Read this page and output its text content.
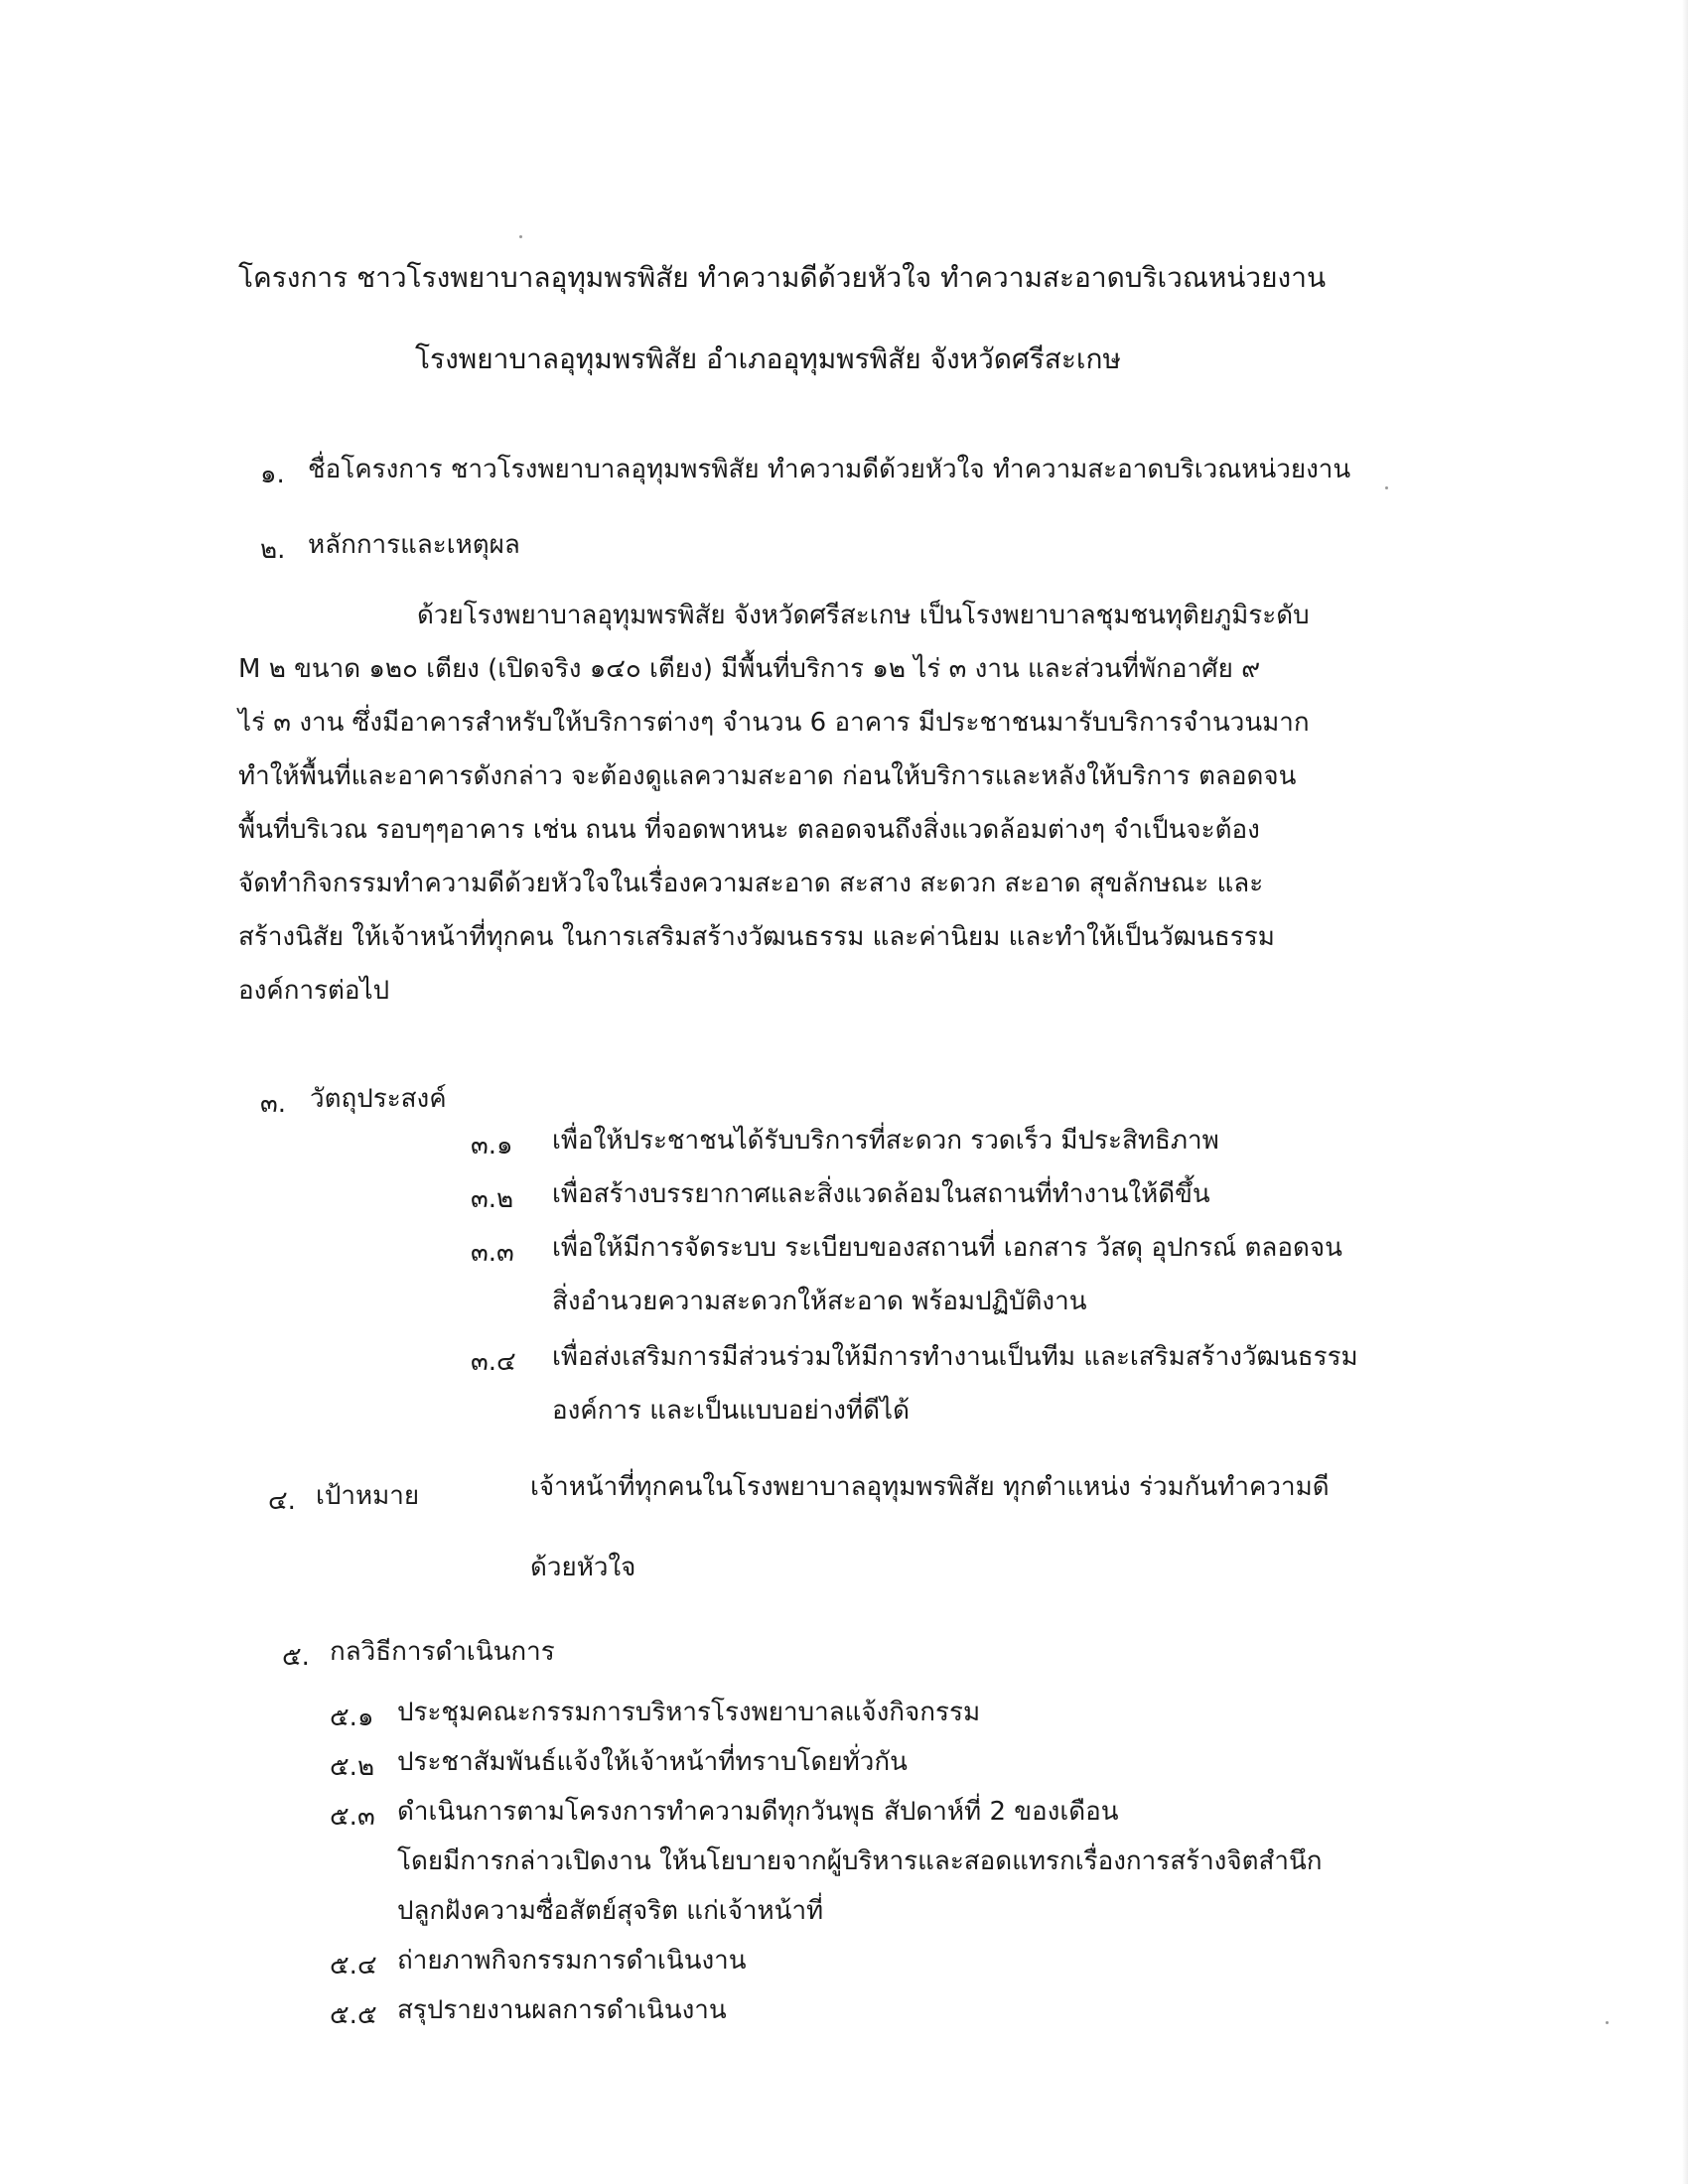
โครงการ ชาวโรงพยาบาลอุทุมพรพิสัย ทำความดีด้วยหัวใจ ทำความสะอาดบริเวณหน่วยงาน
โรงพยาบาลอุทุมพรพิสัย อำเภออุทุมพรพิสัย จังหวัดศรีสะเกษ
๑. ชื่อโครงการ ชาวโรงพยาบาลอุทุมพรพิสัย ทำความดีด้วยหัวใจ ทำความสะอาดบริเวณหน่วยงาน
๒. หลักการและเหตุผล
ด้วยโรงพยาบาลอุทุมพรพิสัย จังหวัดศรีสะเกษ เป็นโรงพยาบาลชุมชนทุติยภูมิระดับ
M ๒ ขนาด ๑๒๐ เตียง (เปิดจริง ๑๔๐ เตียง) มีพื้นที่บริการ ๑๒ ไร่ ๓ งาน และส่วนที่พักอาศัย ๙
ไร่ ๓ งาน ซึ่งมีอาคารสำหรับให้บริการต่างๆ จำนวน 6 อาคาร มีประชาชนมารับบริการจำนวนมาก
ทำให้พื้นที่และอาคารดังกล่าว จะต้องดูแลความสะอาด ก่อนให้บริการและหลังให้บริการ ตลอดจน
พื้นที่บริเวณ รอบๆๆอาคาร เช่น ถนน ที่จอดพาหนะ ตลอดจนถึงสิ่งแวดล้อมต่างๆ จำเป็นจะต้อง
จัดทำกิจกรรมทำความดีด้วยหัวใจในเรื่องความสะอาด สะสาง สะดวก สะอาด สุขลักษณะ และ
สร้างนิสัย ให้เจ้าหน้าที่ทุกคน ในการเสริมสร้างวัฒนธรรม และค่านิยม และทำให้เป็นวัฒนธรรม
องค์การต่อไป
๓. วัตถุประสงค์
๓.๑ เพื่อให้ประชาชนได้รับบริการที่สะดวก รวดเร็ว มีประสิทธิภาพ
๓.๒ เพื่อสร้างบรรยากาศและสิ่งแวดล้อมในสถานที่ทำงานให้ดีขึ้น
๓.๓ เพื่อให้มีการจัดระบบ ระเบียบของสถานที่ เอกสาร วัสดุ อุปกรณ์ ตลอดจน
สิ่งอำนวยความสะดวกให้สะอาด พร้อมปฏิบัติงาน
๓.๔ เพื่อส่งเสริมการมีส่วนร่วมให้มีการทำงานเป็นทีม และเสริมสร้างวัฒนธรรม
องค์การ และเป็นแบบอย่างที่ดีได้
๔. เป้าหมาย	เจ้าหน้าที่ทุกคนในโรงพยาบาลอุทุมพรพิสัย ทุกตำแหน่ง ร่วมกันทำความดี
ด้วยหัวใจ
๕. กลวิธีการดำเนินการ
๕.๑ ประชุมคณะกรรมการบริหารโรงพยาบาลแจ้งกิจกรรม
๕.๒ ประชาสัมพันธ์แจ้งให้เจ้าหน้าที่ทราบโดยทั่วกัน
๕.๓ ดำเนินการตามโครงการทำความดีทุกวันพุธ สัปดาห์ที่ 2 ของเดือน
โดยมีการกล่าวเปิดงาน ให้นโยบายจากผู้บริหารและสอดแทรกเรื่องการสร้างจิตสำนึก
ปลูกฝังความซื่อสัตย์สุจริต แก่เจ้าหน้าที่
๕.๔ ถ่ายภาพกิจกรรมการดำเนินงาน
๕.๕ สรุปรายงานผลการดำเนินงาน
